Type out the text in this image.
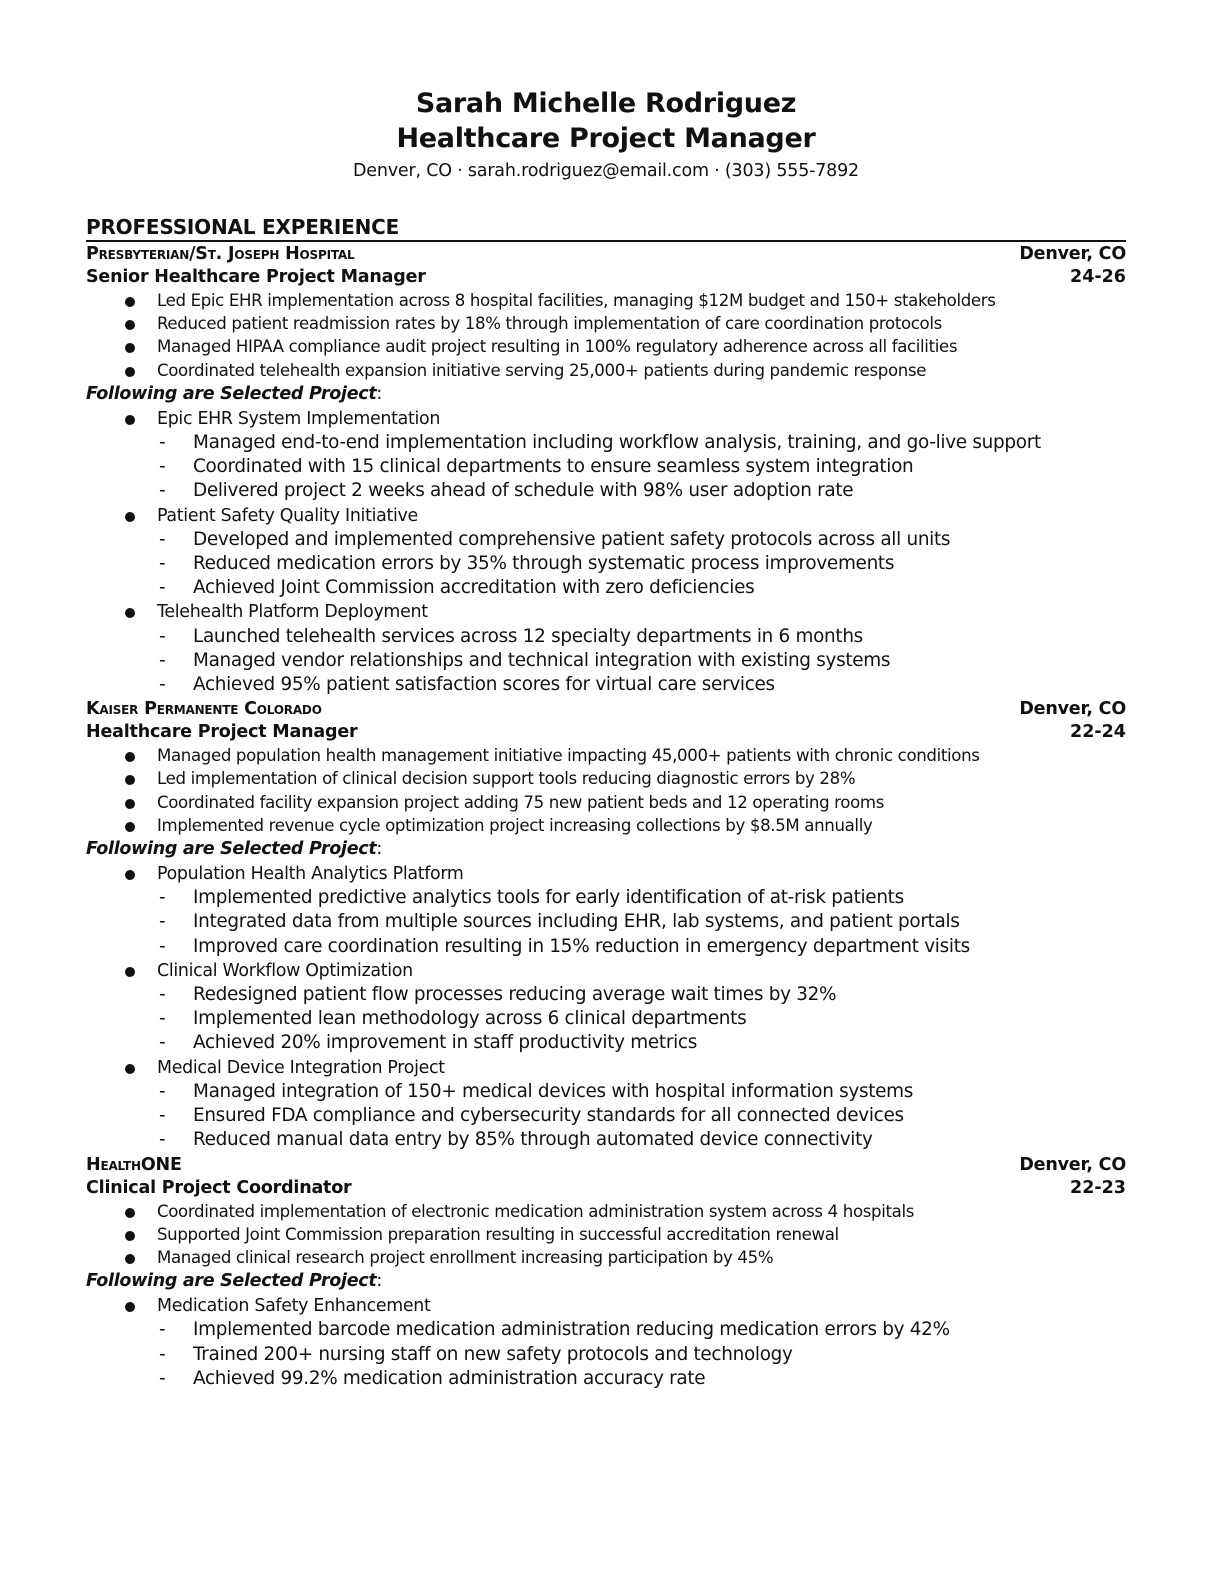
Sarah Michelle Rodriguez
Healthcare Project Manager
Denver, CO · sarah.rodriguez@email.com · (303) 555-7892
PROFESSIONAL EXPERIENCE
Presbyterian/St. Joseph Hospital	Denver, CO
Senior Healthcare Project Manager	24-26
Led Epic EHR implementation across 8 hospital facilities, managing $12M budget and 150+ stakeholders
Reduced patient readmission rates by 18% through implementation of care coordination protocols
Managed HIPAA compliance audit project resulting in 100% regulatory adherence across all facilities
Coordinated telehealth expansion initiative serving 25,000+ patients during pandemic response
Following are Selected Project:
Epic EHR System Implementation
- Managed end-to-end implementation including workflow analysis, training, and go-live support
- Coordinated with 15 clinical departments to ensure seamless system integration
- Delivered project 2 weeks ahead of schedule with 98% user adoption rate
Patient Safety Quality Initiative
- Developed and implemented comprehensive patient safety protocols across all units
- Reduced medication errors by 35% through systematic process improvements
- Achieved Joint Commission accreditation with zero deficiencies
Telehealth Platform Deployment
- Launched telehealth services across 12 specialty departments in 6 months
- Managed vendor relationships and technical integration with existing systems
- Achieved 95% patient satisfaction scores for virtual care services
Kaiser Permanente Colorado	Denver, CO
Healthcare Project Manager	22-24
Managed population health management initiative impacting 45,000+ patients with chronic conditions
Led implementation of clinical decision support tools reducing diagnostic errors by 28%
Coordinated facility expansion project adding 75 new patient beds and 12 operating rooms
Implemented revenue cycle optimization project increasing collections by $8.5M annually
Following are Selected Project:
Population Health Analytics Platform
- Implemented predictive analytics tools for early identification of at-risk patients
- Integrated data from multiple sources including EHR, lab systems, and patient portals
- Improved care coordination resulting in 15% reduction in emergency department visits
Clinical Workflow Optimization
- Redesigned patient flow processes reducing average wait times by 32%
- Implemented lean methodology across 6 clinical departments
- Achieved 20% improvement in staff productivity metrics
Medical Device Integration Project
- Managed integration of 150+ medical devices with hospital information systems
- Ensured FDA compliance and cybersecurity standards for all connected devices
- Reduced manual data entry by 85% through automated device connectivity
HealthONE	Denver, CO
Clinical Project Coordinator	22-23
Coordinated implementation of electronic medication administration system across 4 hospitals
Supported Joint Commission preparation resulting in successful accreditation renewal
Managed clinical research project enrollment increasing participation by 45%
Following are Selected Project:
Medication Safety Enhancement
- Implemented barcode medication administration reducing medication errors by 42%
- Trained 200+ nursing staff on new safety protocols and technology
- Achieved 99.2% medication administration accuracy rate
